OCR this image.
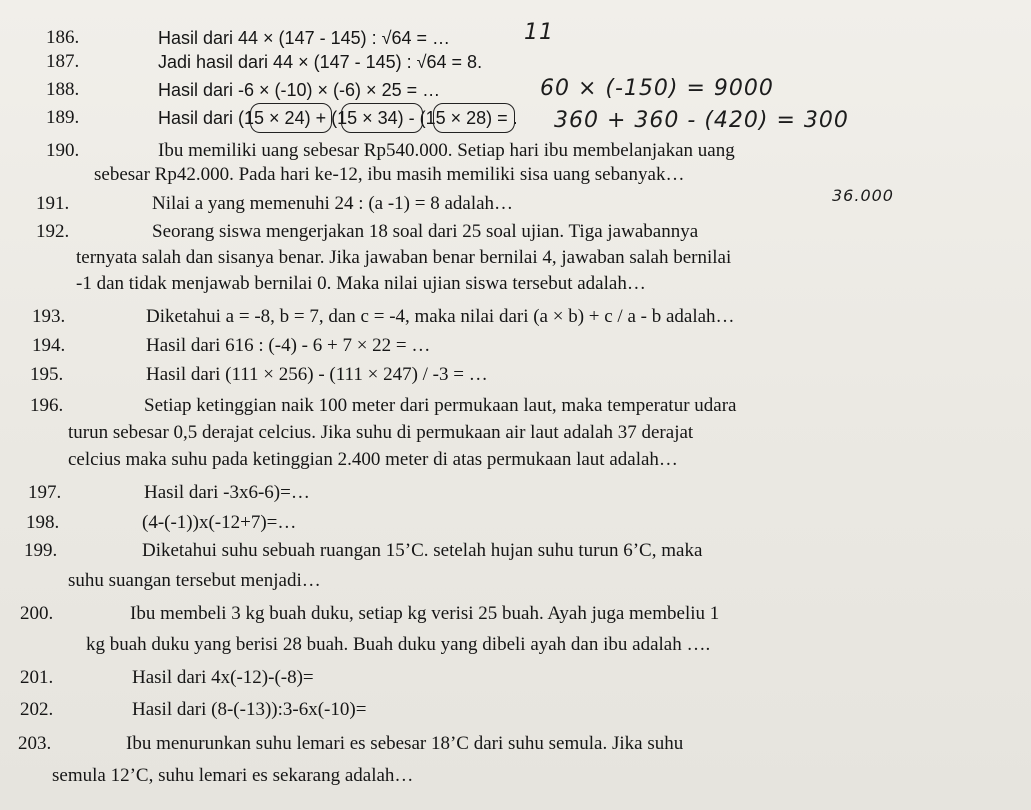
186.	Hasil dari 44 × (147 - 145) : √64 = …	11
187.	Jadi hasil dari 44 × (147 - 145) : √64 = 8.
188.	Hasil dari -6 × (-10) × (-6) × 25 = …	60 × (-150) = 9000
189.	Hasil dari (15 × 24) + (15 × 34) - (15 × 28) = . 360 + 360 - (420) = 300
190.	Ibu memiliki uang sebesar Rp540.000. Setiap hari ibu membelanjakan uang
sebesar Rp42.000. Pada hari ke-12, ibu masih memiliki sisa uang sebanyak…
36.000
191.	Nilai a yang memenuhi 24 : (a -1) = 8 adalah…
192.	Seorang siswa mengerjakan 18 soal dari 25 soal ujian. Tiga jawabannya
ternyata salah dan sisanya benar. Jika jawaban benar bernilai 4, jawaban salah bernilai
-1 dan tidak menjawab bernilai 0. Maka nilai ujian siswa tersebut adalah…
193.	Diketahui a = -8, b = 7, dan c = -4, maka nilai dari (a × b) + c / a - b adalah…
194.	Hasil dari 616 : (-4) - 6 + 7 × 22 = …
195.	Hasil dari (111 × 256) - (111 × 247) / -3 = …
196.	Setiap ketinggian naik 100 meter dari permukaan laut, maka temperatur udara
turun sebesar 0,5 derajat celcius. Jika suhu di permukaan air laut adalah 37 derajat
celcius maka suhu pada ketinggian 2.400 meter di atas permukaan laut adalah…
197.	Hasil dari -3x6-6)=…
198.	(4-(-1))x(-12+7)=…
199.	Diketahui suhu sebuah ruangan 15’C. setelah hujan suhu turun 6’C, maka
suhu suangan tersebut menjadi…
200.	Ibu membeli 3 kg buah duku, setiap kg verisi 25 buah. Ayah juga membeliu 1
kg buah duku yang berisi 28 buah. Buah duku yang dibeli ayah dan ibu adalah ….
201.	Hasil dari 4x(-12)-(-8)=
202.	Hasil dari (8-(-13)):3-6x(-10)=
203.	Ibu menurunkan suhu lemari es sebesar 18’C dari suhu semula. Jika suhu
semula 12’C, suhu lemari es sekarang adalah…
